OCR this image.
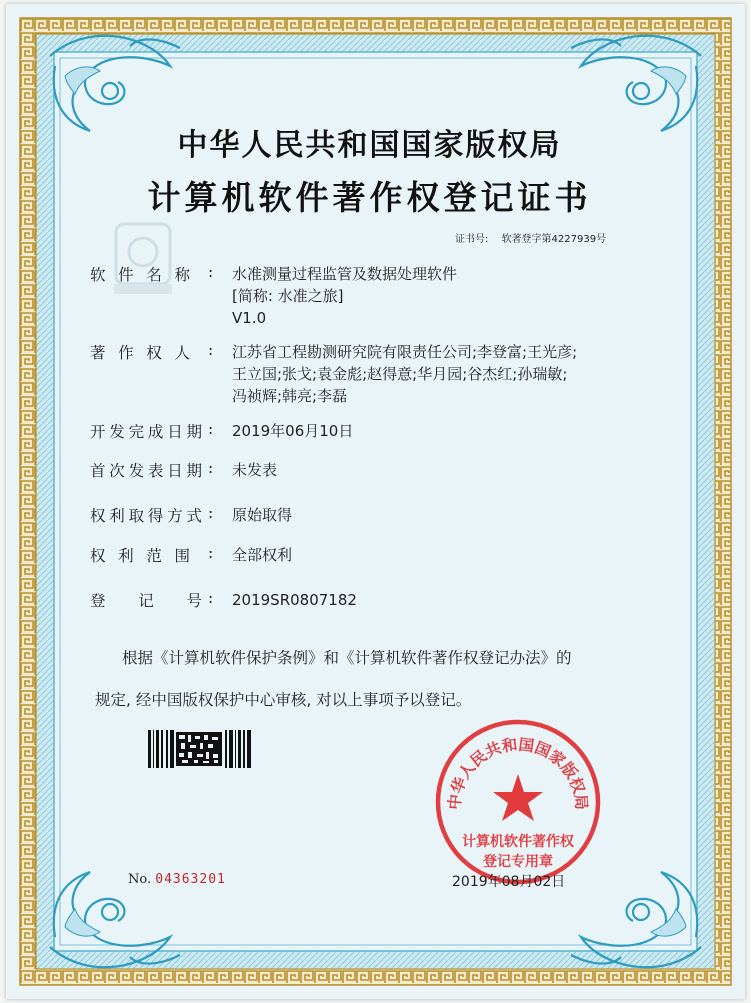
中华人民共和国国家版权局
计算机软件著作权登记证书
证书号: 软著登字第4227939号
软件名称 : 水准测量过程监管及数据处理软件
[简称: 水准之旅]
V1.0
著作权人 : 江苏省工程勘测研究院有限责任公司;李登富;王光彦;
王立国;张戈;袁金彪;赵得意;华月园;谷杰红;孙瑞敏;
冯祯辉;韩亮;李磊
开发完成日期 : 2019年06月10日
首次发表日期 : 未发表
权利取得方式 : 原始取得
权利范围 : 全部权利
登记号 : 2019SR0807182
根据《计算机软件保护条例》和《计算机软件著作权登记办法》的
规定, 经中国版权保护中心审核, 对以上事项予以登记。
中华人民共和国国家版权局
计算机软件著作权
登记专用章
No. 04363201	2019年08月02日
